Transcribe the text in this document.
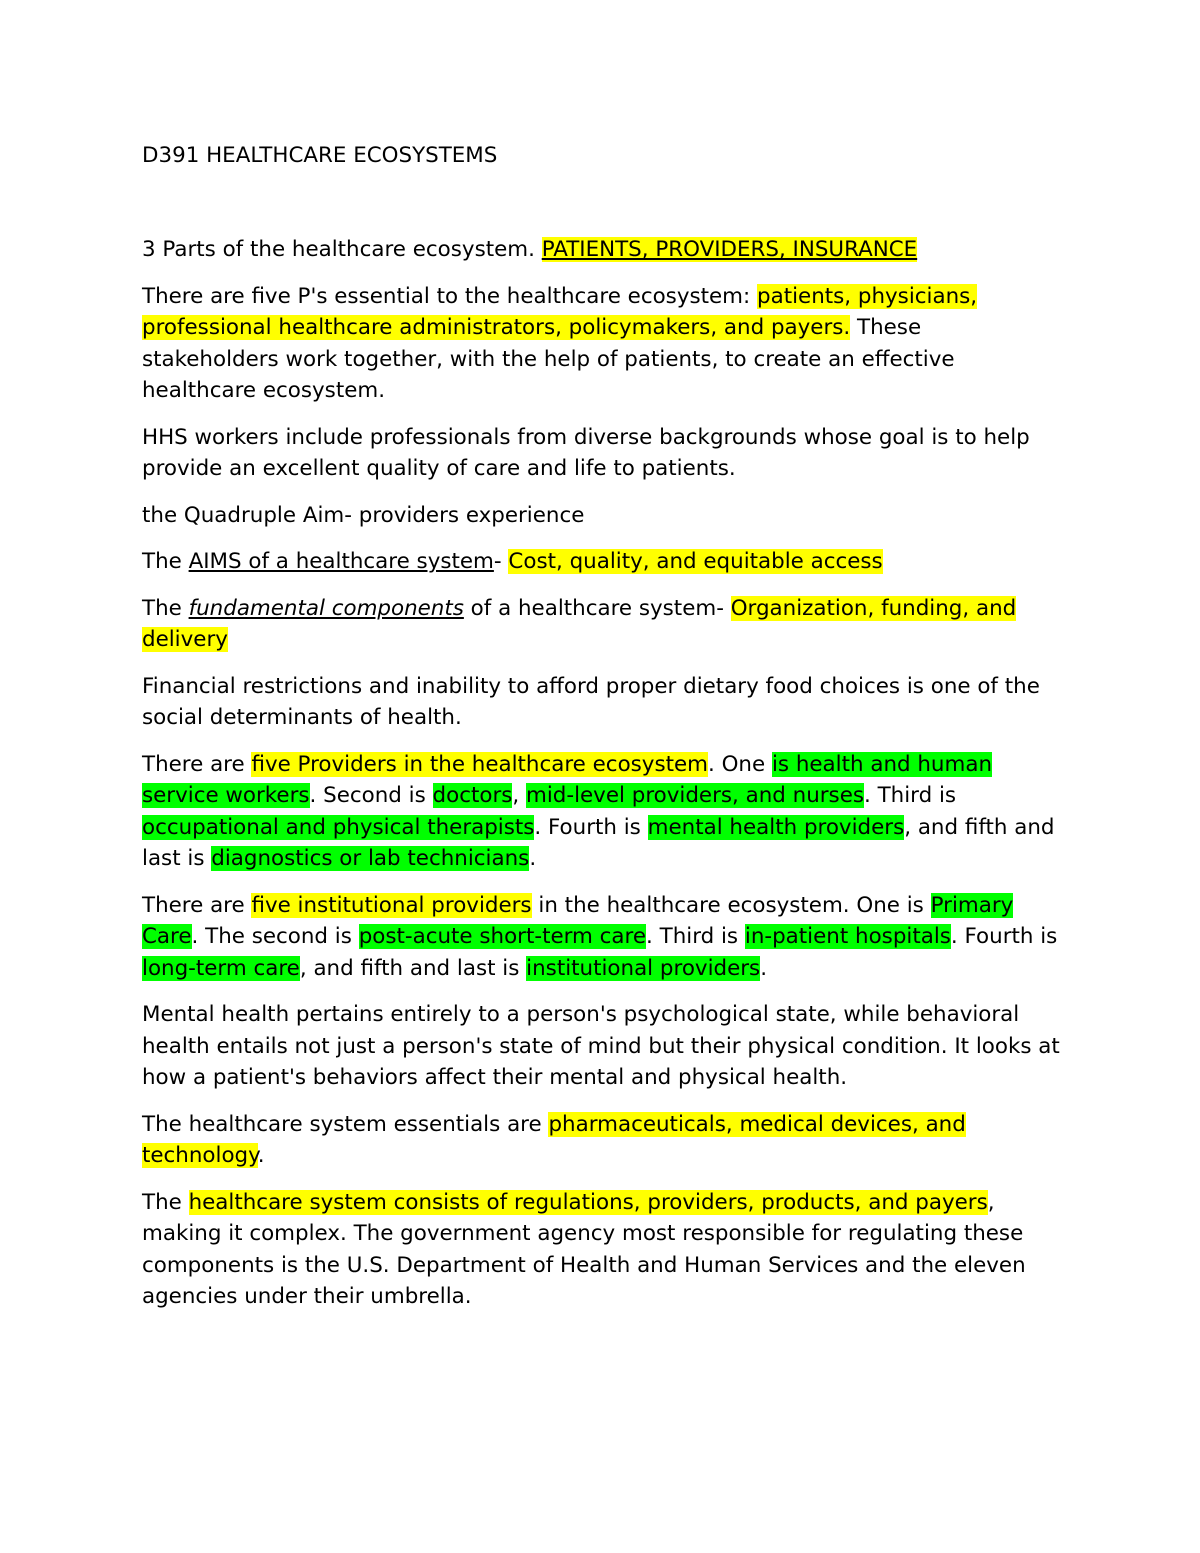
D391 HEALTHCARE ECOSYSTEMS

3 Parts of the healthcare ecosystem. PATIENTS, PROVIDERS, INSURANCE

There are five P's essential to the healthcare ecosystem: patients, physicians, professional healthcare administrators, policymakers, and payers. These stakeholders work together, with the help of patients, to create an effective healthcare ecosystem.

HHS workers include professionals from diverse backgrounds whose goal is to help provide an excellent quality of care and life to patients.

the Quadruple Aim- providers experience

The AIMS of a healthcare system- Cost, quality, and equitable access

The fundamental components of a healthcare system- Organization, funding, and delivery

Financial restrictions and inability to afford proper dietary food choices is one of the social determinants of health.

There are five Providers in the healthcare ecosystem. One is health and human service workers. Second is doctors, mid-level providers, and nurses. Third is occupational and physical therapists. Fourth is mental health providers, and fifth and last is diagnostics or lab technicians.

There are five institutional providers in the healthcare ecosystem. One is Primary Care. The second is post-acute short-term care. Third is in-patient hospitals. Fourth is long-term care, and fifth and last is institutional providers.

Mental health pertains entirely to a person's psychological state, while behavioral health entails not just a person's state of mind but their physical condition. It looks at how a patient's behaviors affect their mental and physical health.

The healthcare system essentials are pharmaceuticals, medical devices, and technology.

The healthcare system consists of regulations, providers, products, and payers, making it complex. The government agency most responsible for regulating these components is the U.S. Department of Health and Human Services and the eleven agencies under their umbrella.
